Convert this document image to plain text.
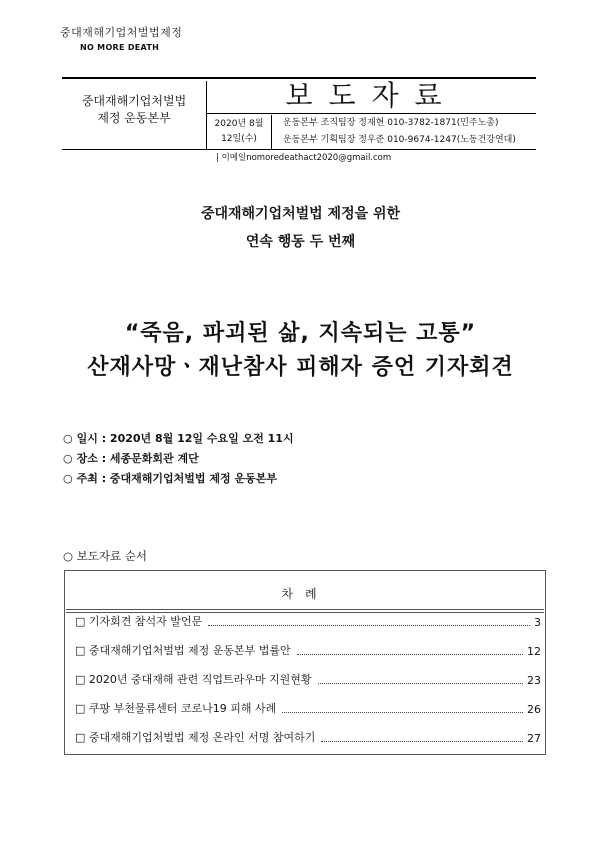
중대재해기업처벌법제정
NO MORE DEATH
중대재해기업처벌법
제정 운동본부
보도자료
2020년 8월
12일(수)
운동본부 조직팀장 정재현 010-3782-1871(민주노총)
운동본부 기획팀장 정우준 010-9674-1247(노동건강연대)
| 이메일nomoredeathact2020@gmail.com
중대재해기업처벌법 제정을 위한
연속 행동 두 번째
“죽음, 파괴된 삶, 지속되는 고통”
산재사망ㆍ재난참사 피해자 증언 기자회견
○ 일시 : 2020년 8월 12일 수요일 오전 11시
○ 장소 : 세종문화회관 계단
○ 주최 : 중대재해기업처벌법 제정 운동본부
○ 보도자료 순서
차례
□ 기자회견 참석자 발언문	3
□ 중대재해기업처벌법 제정 운동본부 법률안	12
□ 2020년 중대재해 관련 직업트라우마 지원현황	23
□ 쿠팡 부천물류센터 코로나19 피해 사례	26
□ 중대재해기업처벌법 제정 온라인 서명 참여하기	27
